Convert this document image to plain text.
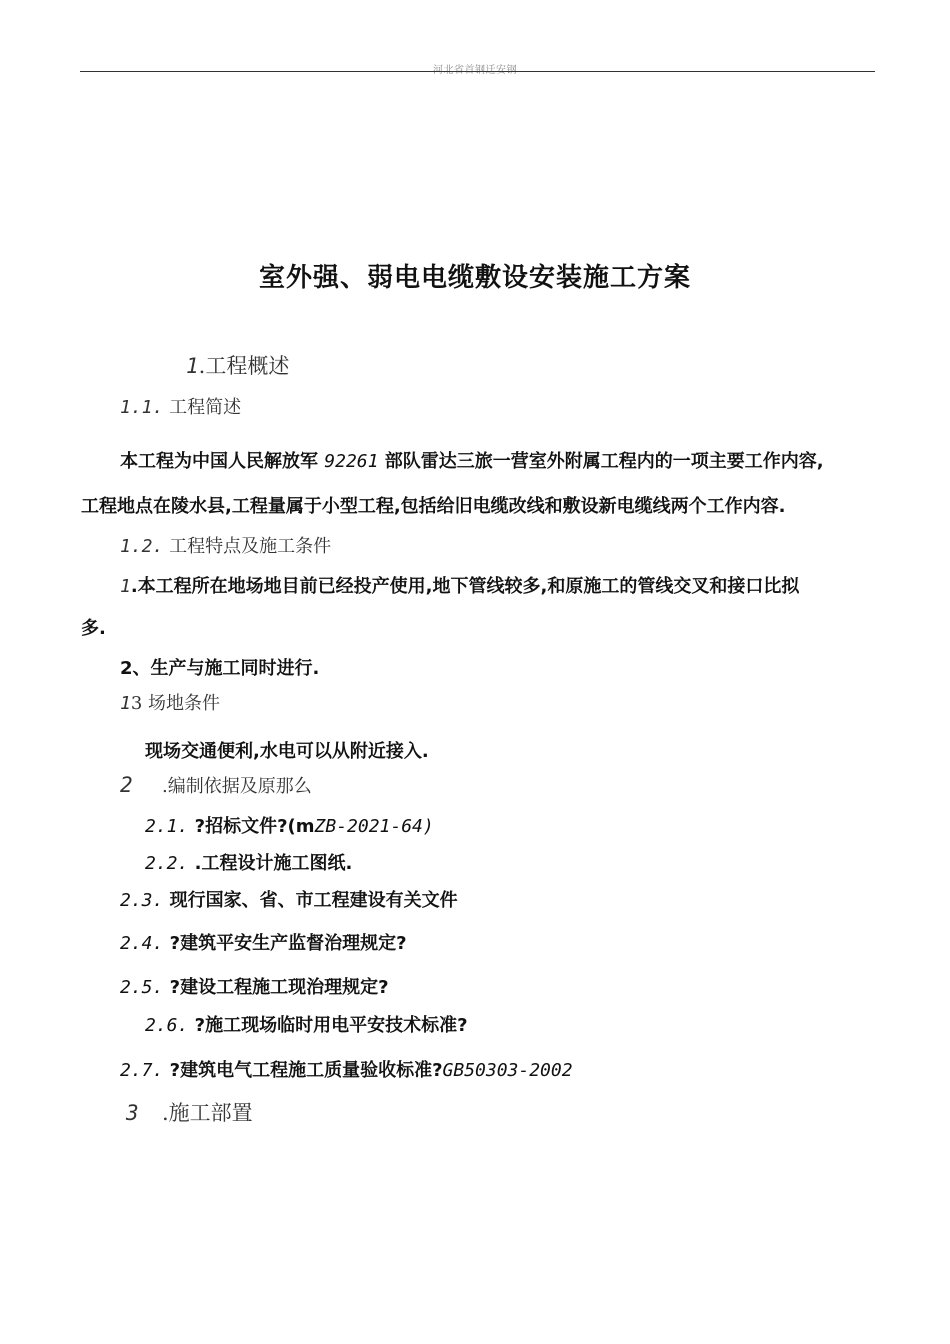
河北省首钢迁安钢
室外强、弱电电缆敷设安装施工方案
1.工程概述
1.1. 工程简述
本工程为中国人民解放军 92261 部队雷达三旅一营室外附属工程内的一项主要工作内容,
工程地点在陵水县,工程量属于小型工程,包括给旧电缆改线和敷设新电缆线两个工作内容.
1.2. 工程特点及施工条件
1.本工程所在地场地目前已经投产使用,地下管线较多,和原施工的管线交叉和接口比拟
多.
2、生产与施工同时进行.
13 场地条件
现场交通便利,水电可以从附近接入.
2 .编制依据及原那么
2.1. ?招标文件?(mZB-2021-64)
2.2. .工程设计施工图纸.
2.3. 现行国家、省、市工程建设有关文件
2.4. ?建筑平安生产监督治理规定?
2.5. ?建设工程施工现治理规定?
2.6. ?施工现场临时用电平安技术标准?
2.7. ?建筑电气工程施工质量验收标准?GB50303-2002
3 .施工部置
